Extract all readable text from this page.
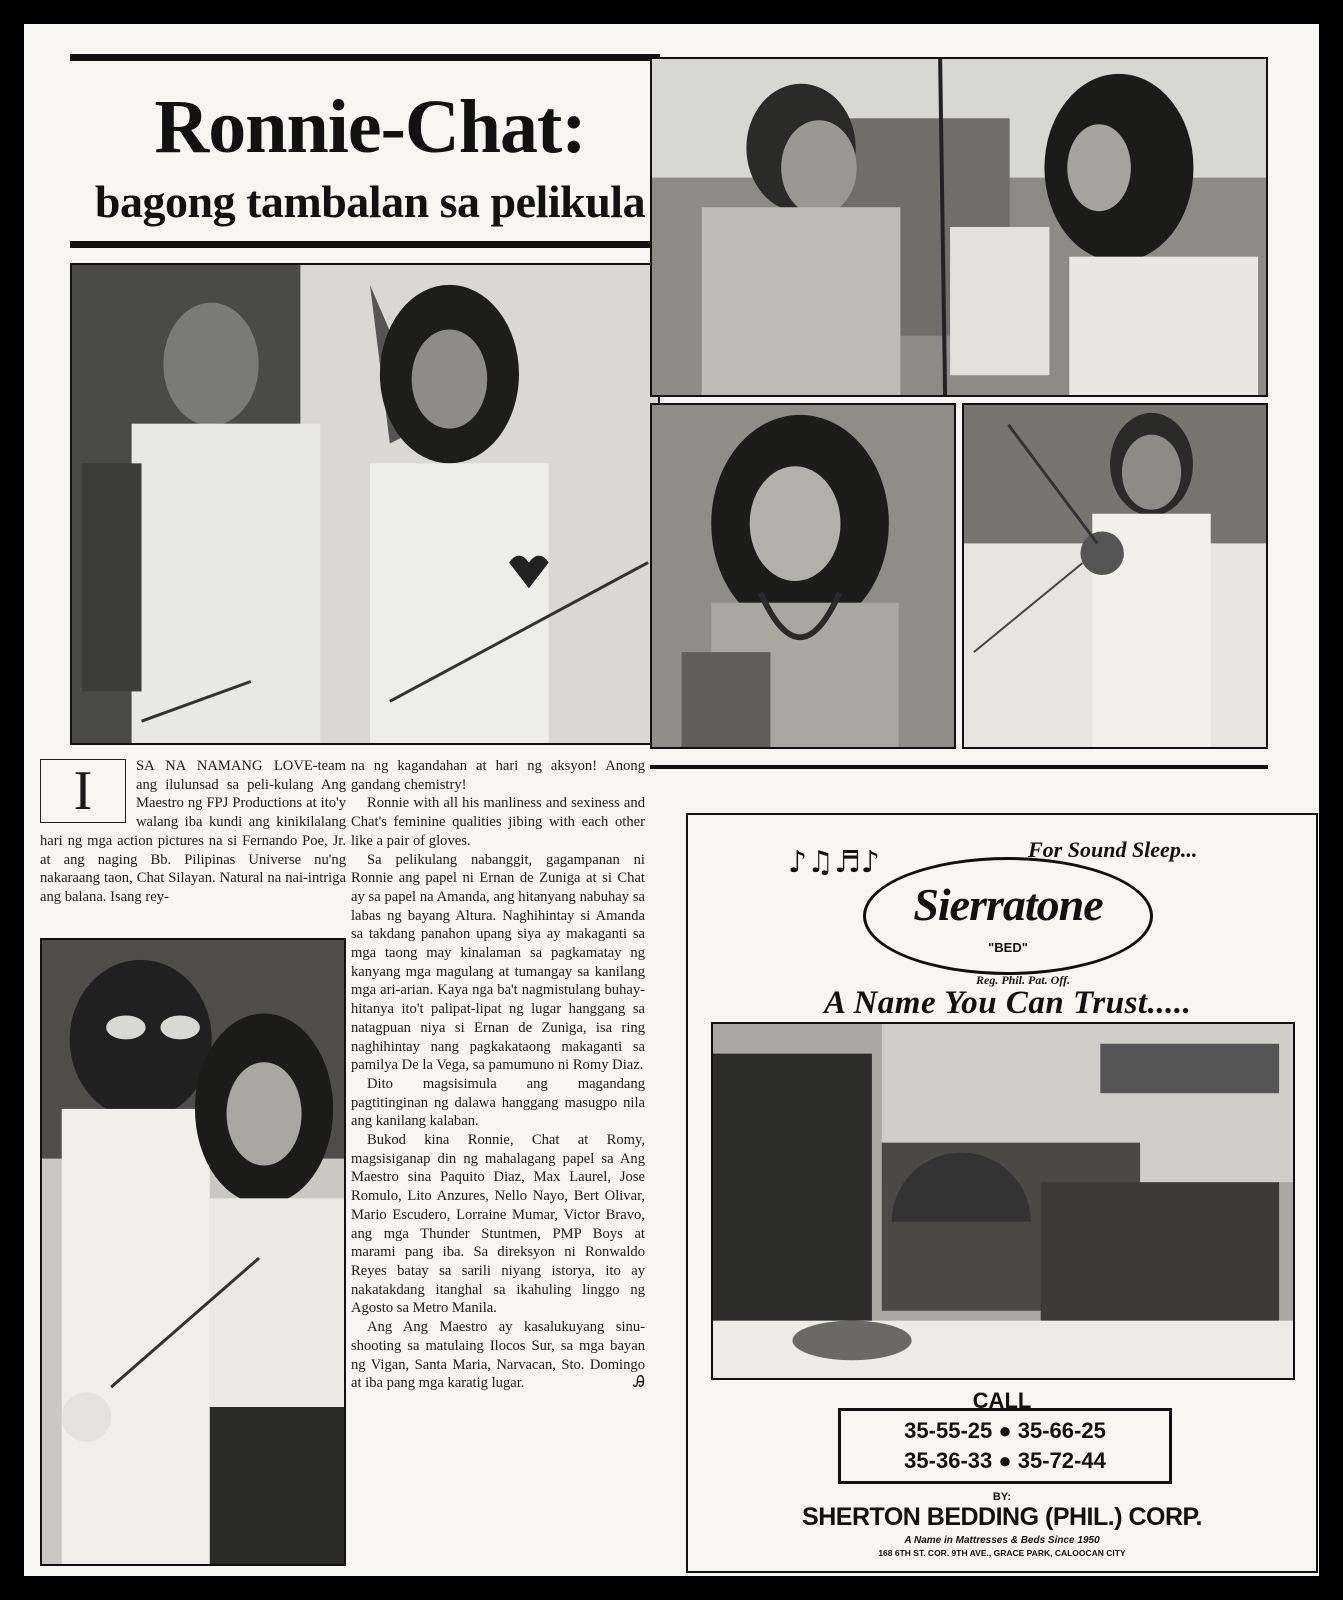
Ronnie-Chat:
bagong tambalan sa pelikula

I	SA NA NAMANG LOVE-team ang ilulunsad sa peli-kulang Ang Maestro ng FPJ Productions at ito'y walang iba kundi ang kinikilalang hari ng mga action pictures na si Fernando Poe, Jr. at ang naging Bb. Pilipinas Universe nu'ng nakaraang taon, Chat Silayan. Natural na nai-intriga ang balana. Isang rey-

na ng kagandahan at hari ng aksyon! Anong gandang chemistry!

Ronnie with all his manliness and sexiness and Chat's feminine qualities jibing with each other like a pair of gloves.

Sa pelikulang nabanggit, gagampanan ni Ronnie ang papel ni Ernan de Zuniga at si Chat ay sa papel na Amanda, ang hitanyang nabuhay sa labas ng bayang Altura. Naghihintay si Amanda sa takdang panahon upang siya ay makaganti sa mga taong may kinalaman sa pagkamatay ng kanyang mga magulang at tumangay sa kanilang mga ari-arian. Kaya nga ba't nagmistulang buhay-hitanya ito't palipat-lipat ng lugar hanggang sa natagpuan niya si Ernan de Zuniga, isa ring naghihintay nang pagkakataong makaganti sa pamilya De la Vega, sa pamumuno ni Romy Diaz.

Dito magsisimula ang magandang pagtitinginan ng dalawa hanggang masugpo nila ang kanilang kalaban.

Bukod kina Ronnie, Chat at Romy, magsisiganap din ng mahalagang papel sa Ang Maestro sina Paquito Diaz, Max Laurel, Jose Romulo, Lito Anzures, Nello Nayo, Bert Olivar, Mario Escudero, Lorraine Mumar, Victor Bravo, ang mga Thunder Stuntmen, PMP Boys at marami pang iba. Sa direksyon ni Ronwaldo Reyes batay sa sarili niyang istorya, ito ay nakatakdang itanghal sa ikahuling linggo ng Agosto sa Metro Manila.

Ang Ang Maestro ay kasalukuyang sinu-shooting sa matulaing Ilocos Sur, sa mga bayan ng Vigan, Santa Maria, Narvacan, Sto. Domingo at iba pang mga karatig lugar.	Ꭿ

For Sound Sleep...
♪♫♬♪
Sierratone
"BED"
Reg. Phil. Pat. Off.
A Name You Can Trust.....
CALL
35-55-25 ● 35-66-25
35-36-33 ● 35-72-44
BY:
SHERTON BEDDING (PHIL.) CORP.
A Name in Mattresses & Beds Since 1950
168 6TH ST. COR. 9TH AVE., GRACE PARK, CALOOCAN CITY
